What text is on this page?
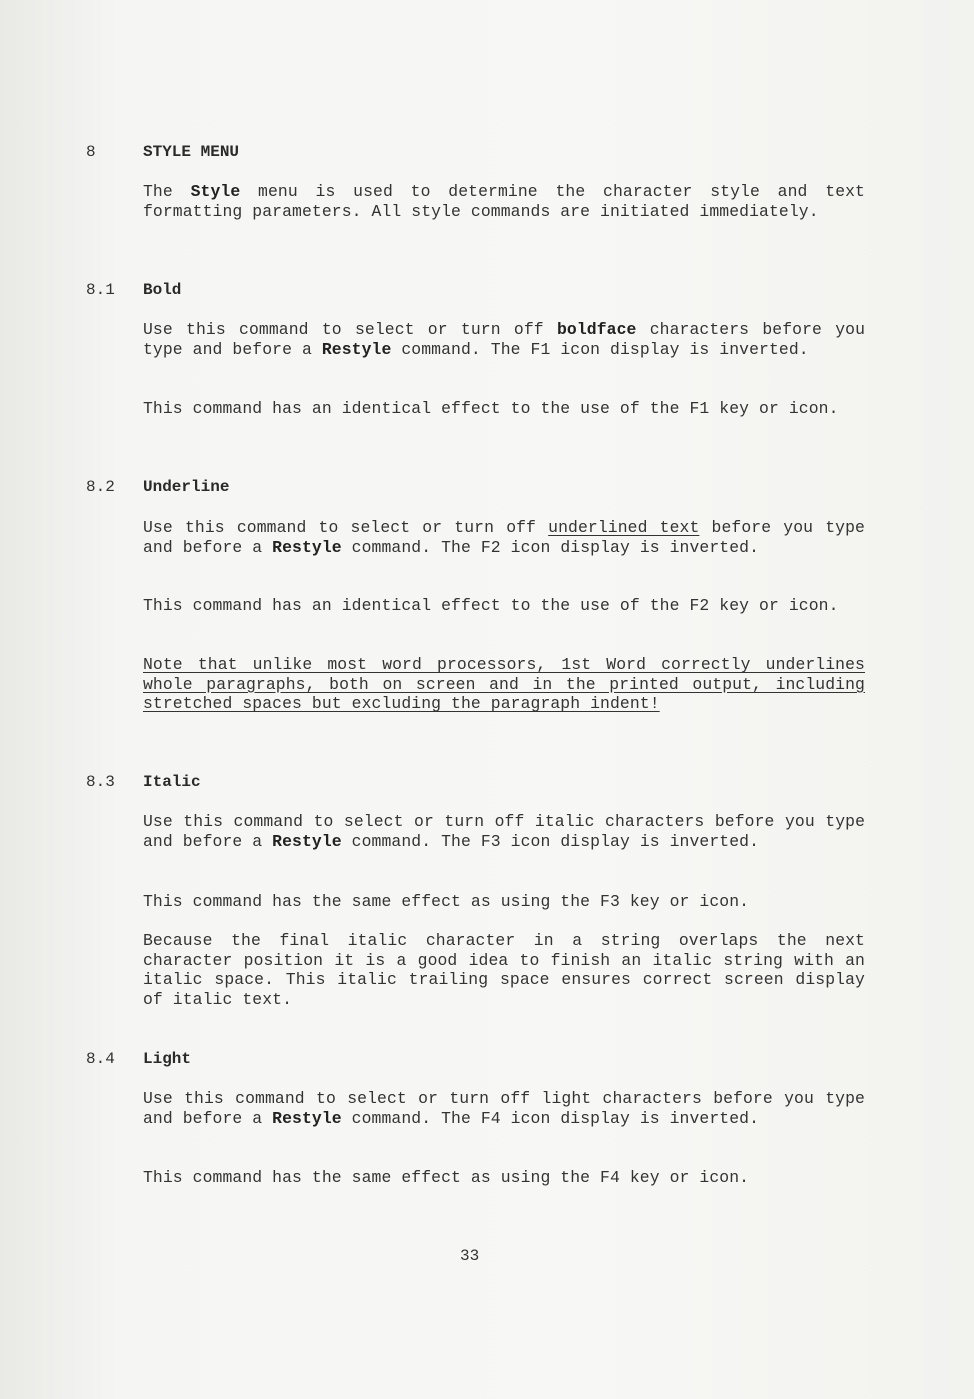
8	STYLE MENU
The Style menu is used to determine the character style and text formatting parameters. All style commands are initiated immediately.
8.1 Bold
Use this command to select or turn off boldface characters before you type and before a Restyle command. The F1 icon display is inverted.
This command has an identical effect to the use of the F1 key or icon.
8.2 Underline
Use this command to select or turn off underlined text before you type and before a Restyle command. The F2 icon display is inverted.
This command has an identical effect to the use of the F2 key or icon.
Note that unlike most word processors, 1st Word correctly underlines whole paragraphs, both on screen and in the printed output, including stretched spaces but excluding the paragraph indent!
8.3 Italic
Use this command to select or turn off italic characters before you type and before a Restyle command. The F3 icon display is inverted.
This command has the same effect as using the F3 key or icon.
Because the final italic character in a string overlaps the next character position it is a good idea to finish an italic string with an italic space. This italic trailing space ensures correct screen display of italic text.
8.4 Light
Use this command to select or turn off light characters before you type and before a Restyle command. The F4 icon display is inverted.
This command has the same effect as using the F4 key or icon.
33
